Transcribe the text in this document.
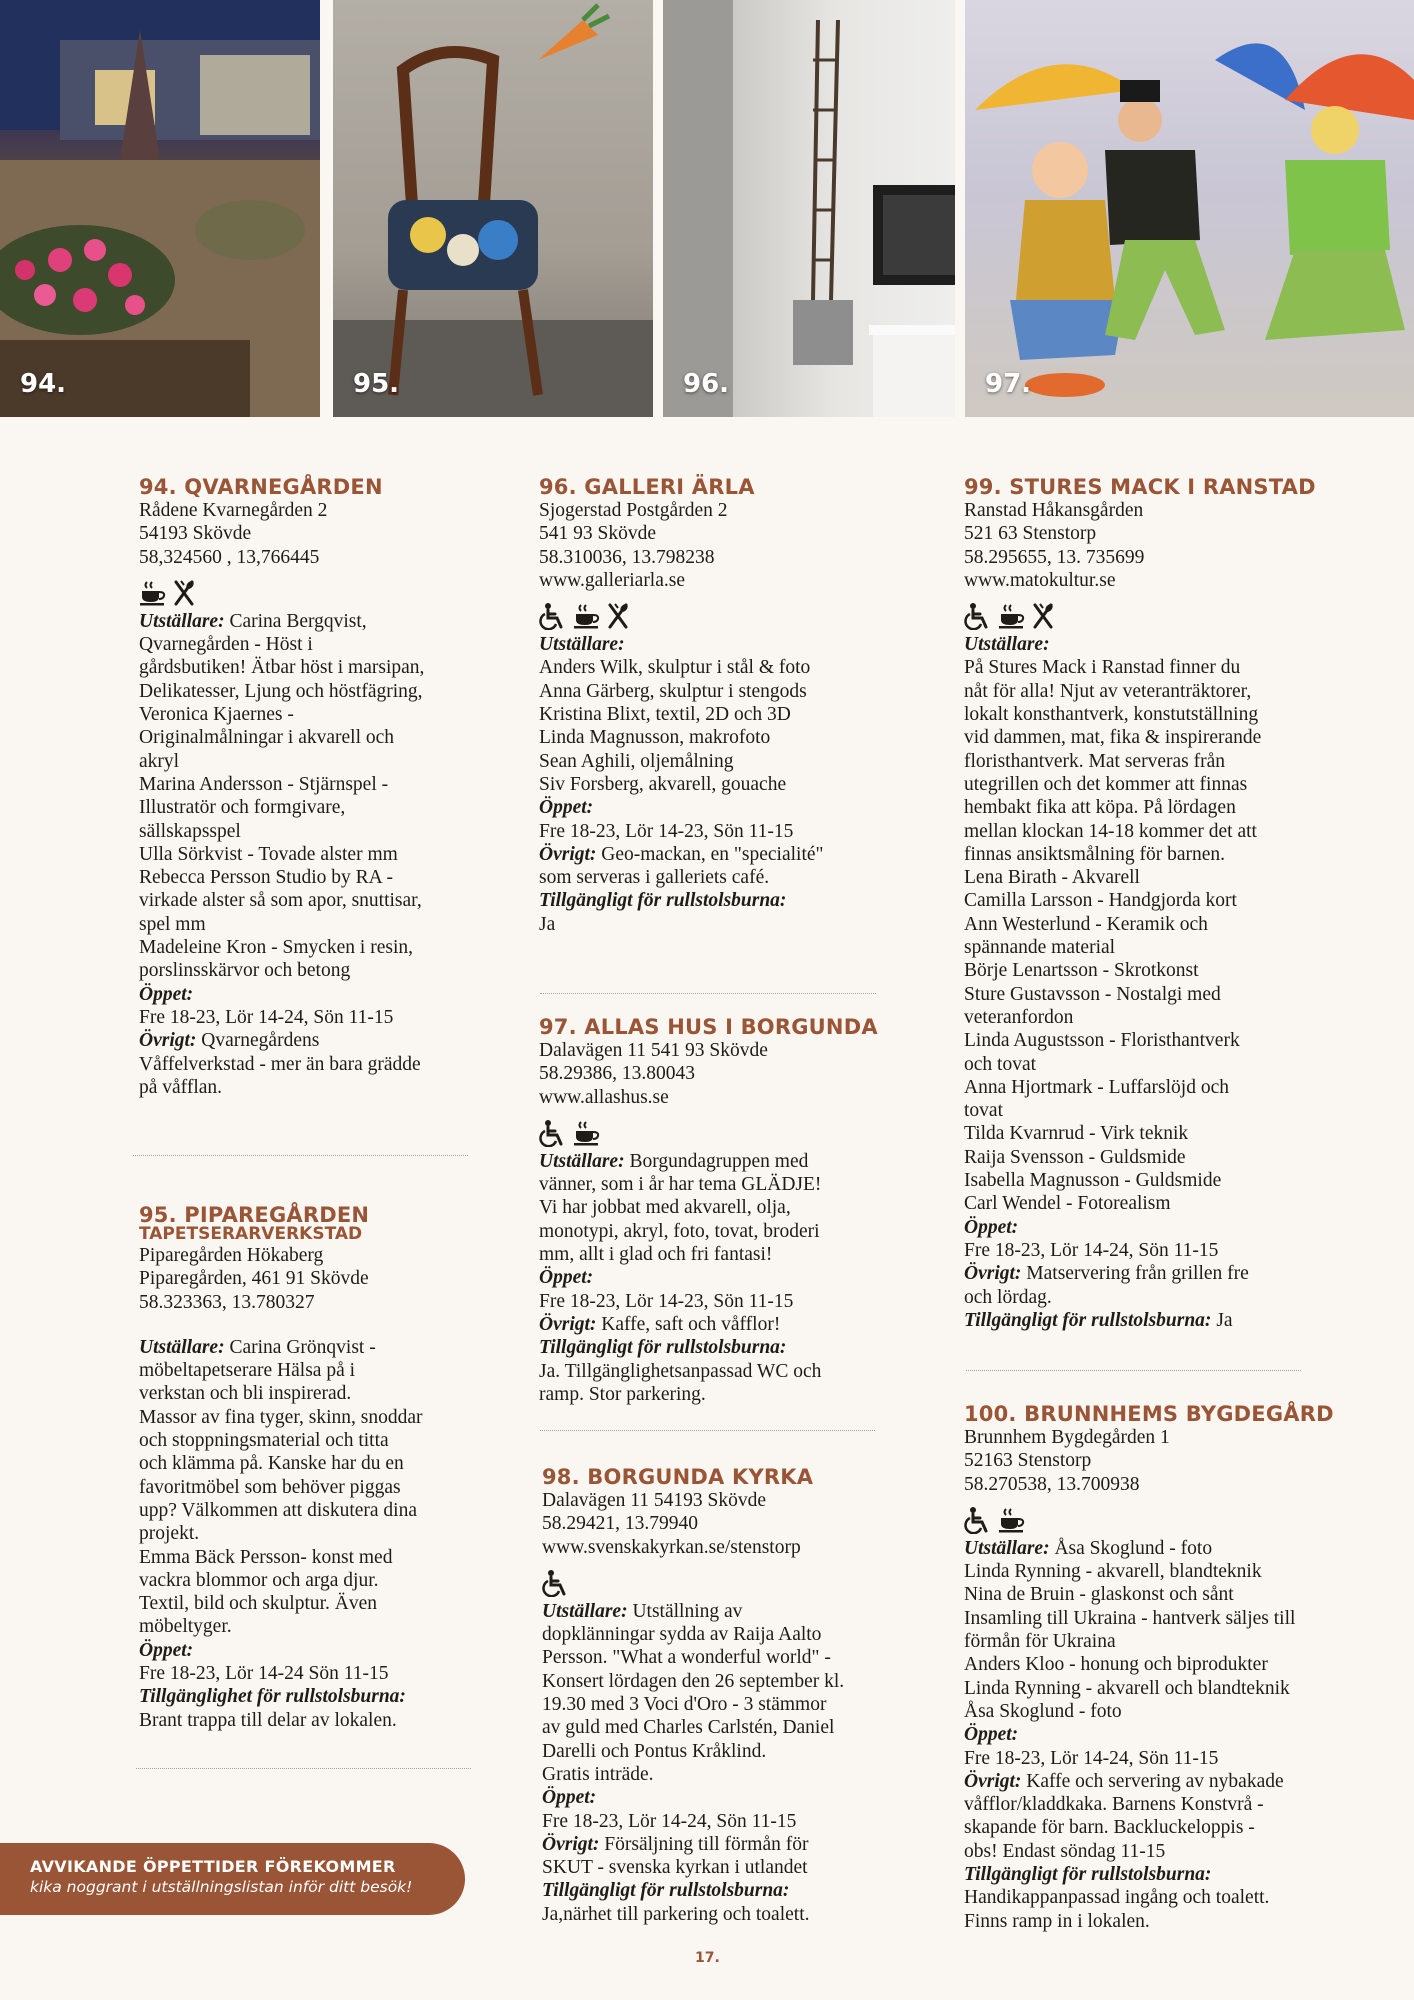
94.	95.	96.	97.
94. QVARNEGÅRDEN
Rådene Kvarnegården 2
54193 Skövde
58,324560 , 13,766445
Utställare: Carina Bergqvist,
Qvarnegården - Höst i
gårdsbutiken! Ätbar höst i marsipan,
Delikatesser, Ljung och höstfägring,
Veronica Kjaernes -
Originalmålningar i akvarell och
akryl
Marina Andersson - Stjärnspel -
Illustratör och formgivare,
sällskapsspel
Ulla Sörkvist - Tovade alster mm
Rebecca Persson Studio by RA -
virkade alster så som apor, snuttisar,
spel mm
Madeleine Kron - Smycken i resin,
porslinsskärvor och betong
Öppet:
Fre 18-23, Lör 14-24, Sön 11-15
Övrigt: Qvarnegårdens
Våffelverkstad - mer än bara grädde
på våfflan.
95. PIPAREGÅRDEN
TAPETSERARVERKSTAD
Piparegården Hökaberg
Piparegården, 461 91 Skövde
58.323363, 13.780327
Utställare: Carina Grönqvist -
möbeltapetserare Hälsa på i
verkstan och bli inspirerad.
Massor av fina tyger, skinn, snoddar
och stoppningsmaterial och titta
och klämma på. Kanske har du en
favoritmöbel som behöver piggas
upp? Välkommen att diskutera dina
projekt.
Emma Bäck Persson- konst med
vackra blommor och arga djur.
Textil, bild och skulptur. Även
möbeltyger.
Öppet:
Fre 18-23, Lör 14-24 Sön 11-15
Tillgänglighet för rullstolsburna:
Brant trappa till delar av lokalen.
96. GALLERI ÄRLA
Sjogerstad Postgården 2
541 93 Skövde
58.310036, 13.798238
www.galleriarla.se
Utställare:
Anders Wilk, skulptur i stål & foto
Anna Gärberg, skulptur i stengods
Kristina Blixt, textil, 2D och 3D
Linda Magnusson, makrofoto
Sean Aghili, oljemålning
Siv Forsberg, akvarell, gouache
Öppet:
Fre 18-23, Lör 14-23, Sön 11-15
Övrigt: Geo-mackan, en "specialité"
som serveras i galleriets café.
Tillgängligt för rullstolsburna:
Ja
97. ALLAS HUS I BORGUNDA
Dalavägen 11 541 93 Skövde
58.29386, 13.80043
www.allashus.se
Utställare: Borgundagruppen med
vänner, som i år har tema GLÄDJE!
Vi har jobbat med akvarell, olja,
monotypi, akryl, foto, tovat, broderi
mm, allt i glad och fri fantasi!
Öppet:
Fre 18-23, Lör 14-23, Sön 11-15
Övrigt: Kaffe, saft och våfflor!
Tillgängligt för rullstolsburna:
Ja. Tillgänglighetsanpassad WC och
ramp. Stor parkering.
98. BORGUNDA KYRKA
Dalavägen 11 54193 Skövde
58.29421, 13.79940
www.svenskakyrkan.se/stenstorp
Utställare: Utställning av
dopklänningar sydda av Raija Aalto
Persson. "What a wonderful world" -
Konsert lördagen den 26 september kl.
19.30 med 3 Voci d'Oro - 3 stämmor
av guld med Charles Carlstén, Daniel
Darelli och Pontus Kråklind.
Gratis inträde.
Öppet:
Fre 18-23, Lör 14-24, Sön 11-15
Övrigt: Försäljning till förmån för
SKUT - svenska kyrkan i utlandet
Tillgängligt för rullstolsburna:
Ja,närhet till parkering och toalett.
99. STURES MACK I RANSTAD
Ranstad Håkansgården
521 63 Stenstorp
58.295655, 13. 735699
www.matokultur.se
Utställare:
På Stures Mack i Ranstad finner du
nåt för alla! Njut av veteranträktorer,
lokalt konsthantverk, konstutställning
vid dammen, mat, fika & inspirerande
floristhantverk. Mat serveras från
utegrillen och det kommer att finnas
hembakt fika att köpa. På lördagen
mellan klockan 14-18 kommer det att
finnas ansiktsmålning för barnen.
Lena Birath - Akvarell
Camilla Larsson - Handgjorda kort
Ann Westerlund - Keramik och
spännande material
Börje Lenartsson - Skrotkonst
Sture Gustavsson - Nostalgi med
veteranfordon
Linda Augustsson - Floristhantverk
och tovat
Anna Hjortmark - Luffarslöjd och
tovat
Tilda Kvarnrud - Virk teknik
Raija Svensson - Guldsmide
Isabella Magnusson - Guldsmide
Carl Wendel - Fotorealism
Öppet:
Fre 18-23, Lör 14-24, Sön 11-15
Övrigt: Matservering från grillen fre
och lördag.
Tillgängligt för rullstolsburna: Ja
100. BRUNNHEMS BYGDEGÅRD
Brunnhem Bygdegården 1
52163 Stenstorp
58.270538, 13.700938
Utställare: Åsa Skoglund - foto
Linda Rynning - akvarell, blandteknik
Nina de Bruin - glaskonst och sånt
Insamling till Ukraina - hantverk säljes till
förmån för Ukraina
Anders Kloo - honung och biprodukter
Linda Rynning - akvarell och blandteknik
Åsa Skoglund - foto
Öppet:
Fre 18-23, Lör 14-24, Sön 11-15
Övrigt: Kaffe och servering av nybakade
våfflor/kladdkaka. Barnens Konstvrå -
skapande för barn. Backluckeloppis -
obs! Endast söndag 11-15
Tillgängligt för rullstolsburna:
Handikappanpassad ingång och toalett.
Finns ramp in i lokalen.
AVVIKANDE ÖPPETTIDER FÖREKOMMER
kika noggrant i utställningslistan inför ditt besök!
17.
